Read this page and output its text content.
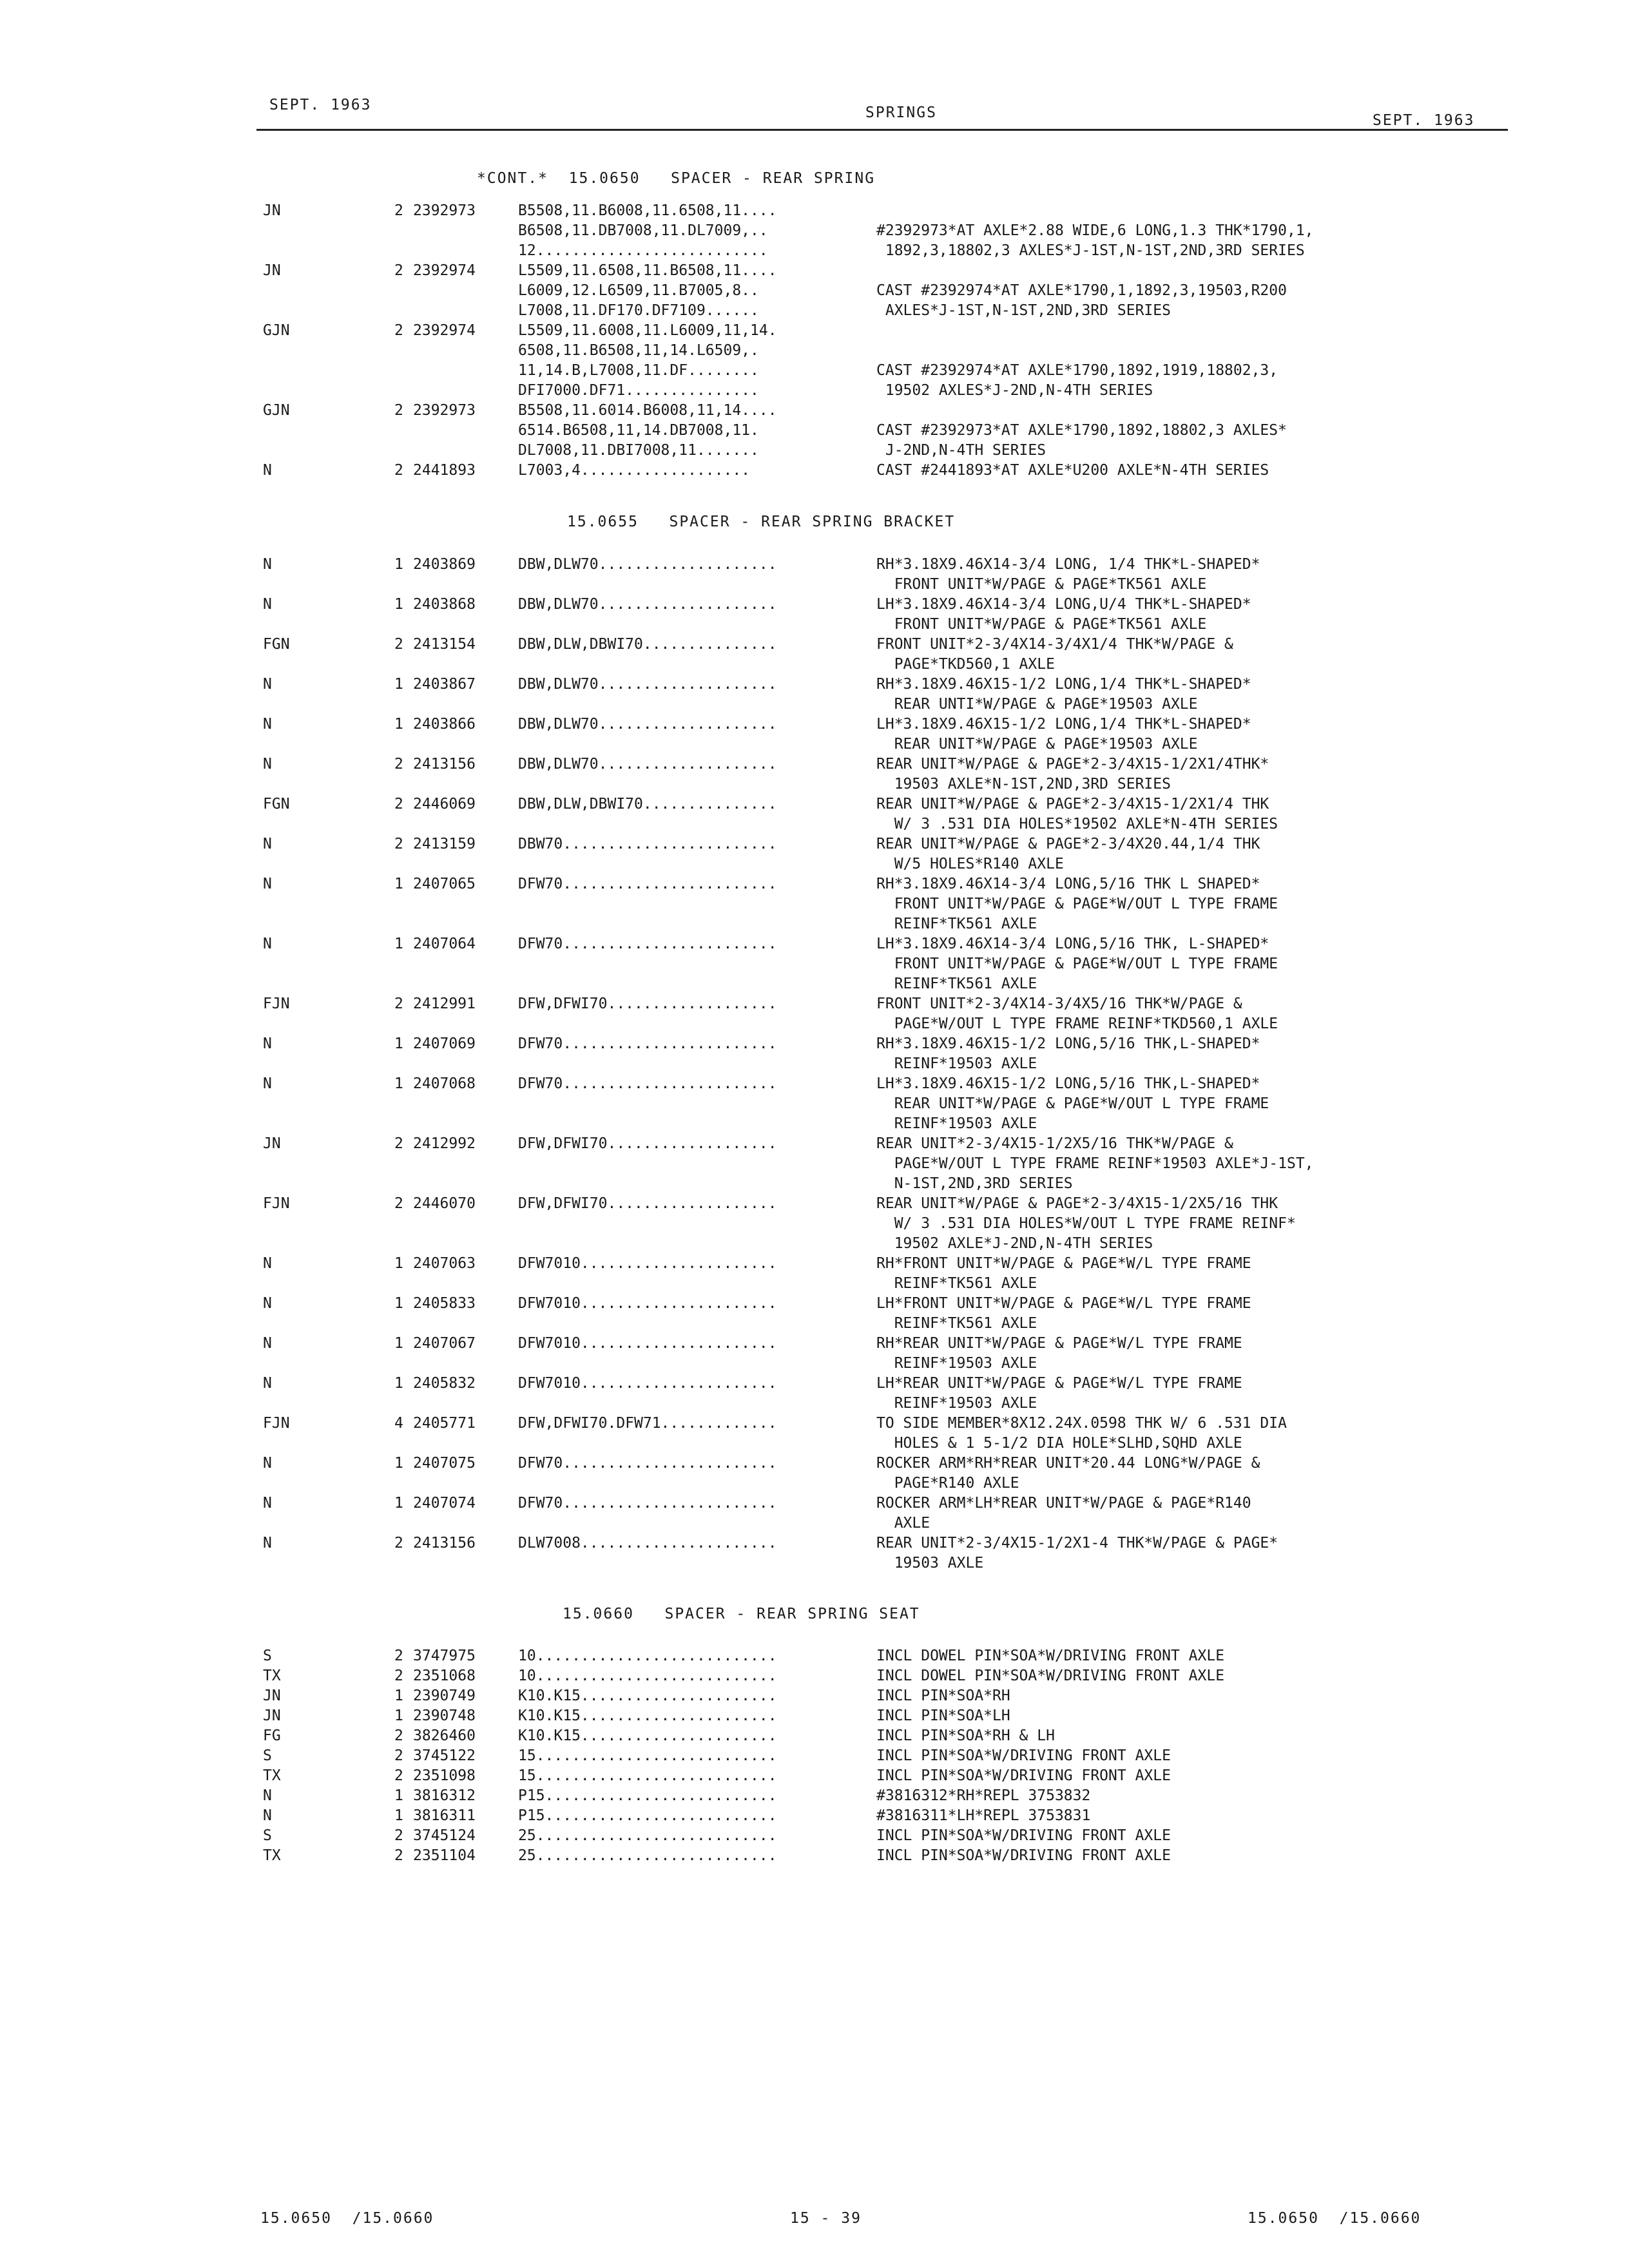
SEPT. 1963	SPRINGS	SEPT. 1963
*CONT.*  15.0650   SPACER - REAR SPRING
JN	2 2392973	B5508,11.B6008,11.6508,11....
B6508,11.DB7008,11.DL7009,..	#2392973*AT AXLE*2.88 WIDE,6 LONG,1.3 THK*1790,1,
12..........................	1892,3,18802,3 AXLES*J-1ST,N-1ST,2ND,3RD SERIES
JN	2 2392974	L5509,11.6508,11.B6508,11....
L6009,12.L6509,11.B7005,8..	CAST #2392974*AT AXLE*1790,1,1892,3,19503,R200
L7008,11.DF170.DF7109......	AXLES*J-1ST,N-1ST,2ND,3RD SERIES
GJN	2 2392974	L5509,11.6008,11.L6009,11,14.
6508,11.B6508,11,14.L6509,.
11,14.B,L7008,11.DF........	CAST #2392974*AT AXLE*1790,1892,1919,18802,3,
DFI7000.DF71...............	19502 AXLES*J-2ND,N-4TH SERIES
GJN	2 2392973	B5508,11.6014.B6008,11,14....
6514.B6508,11,14.DB7008,11.	CAST #2392973*AT AXLE*1790,1892,18802,3 AXLES*
DL7008,11.DBI7008,11.......	J-2ND,N-4TH SERIES
N	2 2441893	L7003,4...................	CAST #2441893*AT AXLE*U200 AXLE*N-4TH SERIES
15.0655   SPACER - REAR SPRING BRACKET
N	1 2403869	DBW,DLW70....................	RH*3.18X9.46X14-3/4 LONG, 1/4 THK*L-SHAPED*
FRONT UNIT*W/PAGE & PAGE*TK561 AXLE
N	1 2403868	DBW,DLW70....................	LH*3.18X9.46X14-3/4 LONG,U/4 THK*L-SHAPED*
FRONT UNIT*W/PAGE & PAGE*TK561 AXLE
FGN	2 2413154	DBW,DLW,DBWI70...............	FRONT UNIT*2-3/4X14-3/4X1/4 THK*W/PAGE &
PAGE*TKD560,1 AXLE
N	1 2403867	DBW,DLW70....................	RH*3.18X9.46X15-1/2 LONG,1/4 THK*L-SHAPED*
REAR UNTI*W/PAGE & PAGE*19503 AXLE
N	1 2403866	DBW,DLW70....................	LH*3.18X9.46X15-1/2 LONG,1/4 THK*L-SHAPED*
REAR UNIT*W/PAGE & PAGE*19503 AXLE
N	2 2413156	DBW,DLW70....................	REAR UNIT*W/PAGE & PAGE*2-3/4X15-1/2X1/4THK*
19503 AXLE*N-1ST,2ND,3RD SERIES
FGN	2 2446069	DBW,DLW,DBWI70...............	REAR UNIT*W/PAGE & PAGE*2-3/4X15-1/2X1/4 THK
W/ 3 .531 DIA HOLES*19502 AXLE*N-4TH SERIES
N	2 2413159	DBW70........................	REAR UNIT*W/PAGE & PAGE*2-3/4X20.44,1/4 THK
W/5 HOLES*R140 AXLE
N	1 2407065	DFW70........................	RH*3.18X9.46X14-3/4 LONG,5/16 THK L SHAPED*
FRONT UNIT*W/PAGE & PAGE*W/OUT L TYPE FRAME
REINF*TK561 AXLE
N	1 2407064	DFW70........................	LH*3.18X9.46X14-3/4 LONG,5/16 THK, L-SHAPED*
FRONT UNIT*W/PAGE & PAGE*W/OUT L TYPE FRAME
REINF*TK561 AXLE
FJN	2 2412991	DFW,DFWI70...................	FRONT UNIT*2-3/4X14-3/4X5/16 THK*W/PAGE &
PAGE*W/OUT L TYPE FRAME REINF*TKD560,1 AXLE
N	1 2407069	DFW70........................	RH*3.18X9.46X15-1/2 LONG,5/16 THK,L-SHAPED*
REINF*19503 AXLE
N	1 2407068	DFW70........................	LH*3.18X9.46X15-1/2 LONG,5/16 THK,L-SHAPED*
REAR UNIT*W/PAGE & PAGE*W/OUT L TYPE FRAME
REINF*19503 AXLE
JN	2 2412992	DFW,DFWI70...................	REAR UNIT*2-3/4X15-1/2X5/16 THK*W/PAGE &
PAGE*W/OUT L TYPE FRAME REINF*19503 AXLE*J-1ST,
N-1ST,2ND,3RD SERIES
FJN	2 2446070	DFW,DFWI70...................	REAR UNIT*W/PAGE & PAGE*2-3/4X15-1/2X5/16 THK
W/ 3 .531 DIA HOLES*W/OUT L TYPE FRAME REINF*
19502 AXLE*J-2ND,N-4TH SERIES
N	1 2407063	DFW7010......................	RH*FRONT UNIT*W/PAGE & PAGE*W/L TYPE FRAME
REINF*TK561 AXLE
N	1 2405833	DFW7010......................	LH*FRONT UNIT*W/PAGE & PAGE*W/L TYPE FRAME
REINF*TK561 AXLE
N	1 2407067	DFW7010......................	RH*REAR UNIT*W/PAGE & PAGE*W/L TYPE FRAME
REINF*19503 AXLE
N	1 2405832	DFW7010......................	LH*REAR UNIT*W/PAGE & PAGE*W/L TYPE FRAME
REINF*19503 AXLE
FJN	4 2405771	DFW,DFWI70.DFW71.............	TO SIDE MEMBER*8X12.24X.0598 THK W/ 6 .531 DIA
HOLES & 1 5-1/2 DIA HOLE*SLHD,SQHD AXLE
N	1 2407075	DFW70........................	ROCKER ARM*RH*REAR UNIT*20.44 LONG*W/PAGE &
PAGE*R140 AXLE
N	1 2407074	DFW70........................	ROCKER ARM*LH*REAR UNIT*W/PAGE & PAGE*R140
AXLE
N	2 2413156	DLW7008......................	REAR UNIT*2-3/4X15-1/2X1-4 THK*W/PAGE & PAGE*
19503 AXLE
15.0660   SPACER - REAR SPRING SEAT
S	2 3747975	10...........................	INCL DOWEL PIN*SOA*W/DRIVING FRONT AXLE
TX	2 2351068	10...........................	INCL DOWEL PIN*SOA*W/DRIVING FRONT AXLE
JN	1 2390749	K10.K15......................	INCL PIN*SOA*RH
JN	1 2390748	K10.K15......................	INCL PIN*SOA*LH
FG	2 3826460	K10.K15......................	INCL PIN*SOA*RH & LH
S	2 3745122	15...........................	INCL PIN*SOA*W/DRIVING FRONT AXLE
TX	2 2351098	15...........................	INCL PIN*SOA*W/DRIVING FRONT AXLE
N	1 3816312	P15..........................	#3816312*RH*REPL 3753832
N	1 3816311	P15..........................	#3816311*LH*REPL 3753831
S	2 3745124	25...........................	INCL PIN*SOA*W/DRIVING FRONT AXLE
TX	2 2351104	25...........................	INCL PIN*SOA*W/DRIVING FRONT AXLE
15.0650  /15.0660	15 - 39	15.0650  /15.0660
